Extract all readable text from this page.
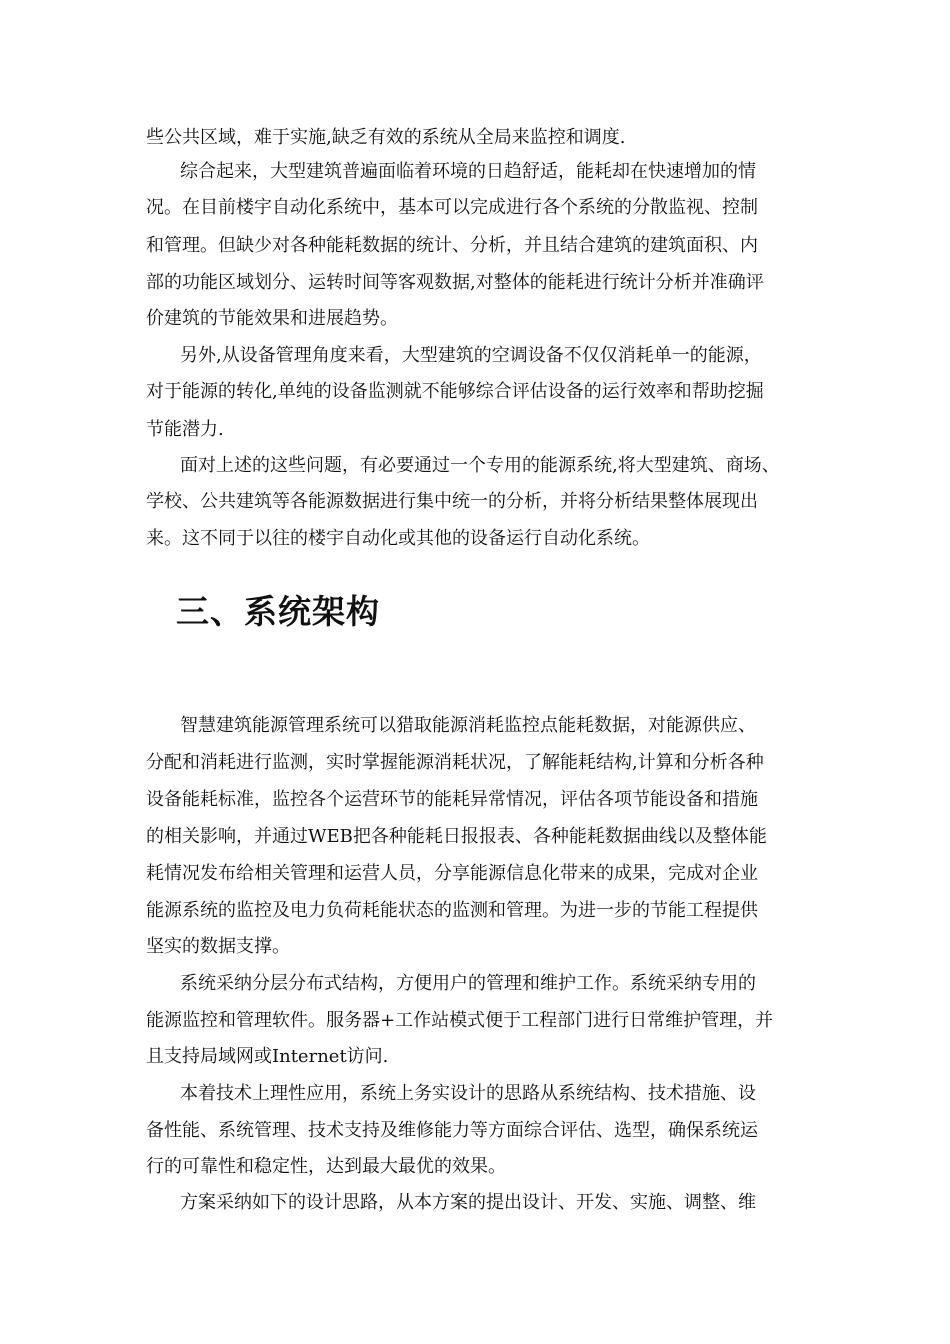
些公共区域，难于实施,缺乏有效的系统从全局来监控和调度.
综合起来，大型建筑普遍面临着环境的日趋舒适，能耗却在快速增加的情
况。在目前楼宇自动化系统中，基本可以完成进行各个系统的分散监视、控制
和管理。但缺少对各种能耗数据的统计、分析，并且结合建筑的建筑面积、内
部的功能区域划分、运转时间等客观数据,对整体的能耗进行统计分析并准确评
价建筑的节能效果和进展趋势。
另外,从设备管理角度来看，大型建筑的空调设备不仅仅消耗单一的能源，
对于能源的转化,单纯的设备监测就不能够综合评估设备的运行效率和帮助挖掘
节能潜力.
面对上述的这些问题，有必要通过一个专用的能源系统,将大型建筑、商场、
学校、公共建筑等各能源数据进行集中统一的分析，并将分析结果整体展现出
来。这不同于以往的楼宇自动化或其他的设备运行自动化系统。
三、系统架构
智慧建筑能源管理系统可以猎取能源消耗监控点能耗数据，对能源供应、
分配和消耗进行监测，实时掌握能源消耗状况，了解能耗结构,计算和分析各种
设备能耗标准，监控各个运营环节的能耗异常情况，评估各项节能设备和措施
的相关影响，并通过WEB把各种能耗日报报表、各种能耗数据曲线以及整体能
耗情况发布给相关管理和运营人员，分享能源信息化带来的成果，完成对企业
能源系统的监控及电力负荷耗能状态的监测和管理。为进一步的节能工程提供
坚实的数据支撑。
系统采纳分层分布式结构，方便用户的管理和维护工作。系统采纳专用的
能源监控和管理软件。服务器+工作站模式便于工程部门进行日常维护管理，并
且支持局域网或Internet访问.
本着技术上理性应用，系统上务实设计的思路从系统结构、技术措施、设
备性能、系统管理、技术支持及维修能力等方面综合评估、选型，确保系统运
行的可靠性和稳定性，达到最大最优的效果。
方案采纳如下的设计思路，从本方案的提出设计、开发、实施、调整、维
